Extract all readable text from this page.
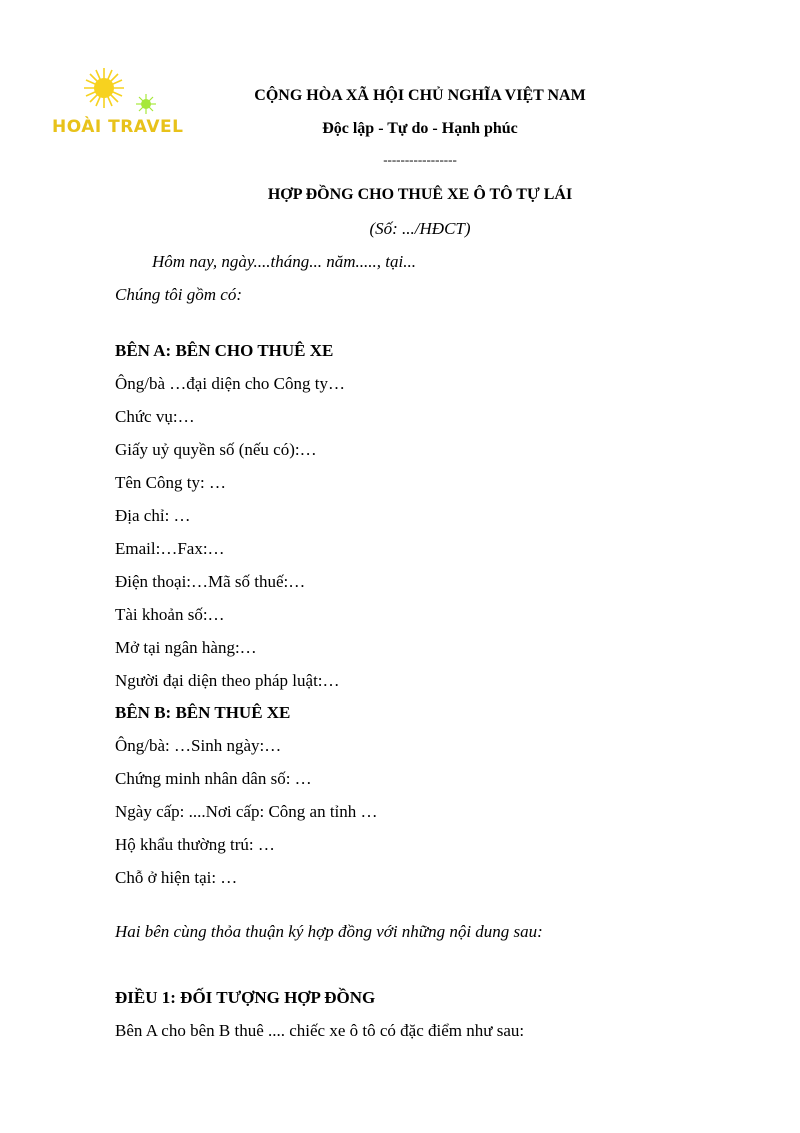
HOÀI TRAVEL
CỘNG HÒA XÃ HỘI CHỦ NGHĨA VIỆT NAM
Độc lập - Tự do - Hạnh phúc
-----------------
HỢP ĐỒNG CHO THUÊ XE Ô TÔ TỰ LÁI
(Số: .../HĐCT)
Hôm nay, ngày....tháng... năm....., tại...
Chúng tôi gồm có:
BÊN A: BÊN CHO THUÊ XE
Ông/bà …đại diện cho Công ty…
Chức vụ:…
Giấy uỷ quyền số (nếu có):…
Tên Công ty: …
Địa chỉ: …
Email:…Fax:…
Điện thoại:…Mã số thuế:…
Tài khoản số:…
Mở tại ngân hàng:…
Người đại diện theo pháp luật:…
BÊN B: BÊN THUÊ XE
Ông/bà: …Sinh ngày:…
Chứng minh nhân dân số: …
Ngày cấp: ....Nơi cấp: Công an tỉnh …
Hộ khẩu thường trú: …
Chỗ ở hiện tại: …
Hai bên cùng thỏa thuận ký hợp đồng với những nội dung sau:
ĐIỀU 1: ĐỐI TƯỢNG HỢP ĐỒNG
Bên A cho bên B thuê .... chiếc xe ô tô có đặc điểm như sau:
